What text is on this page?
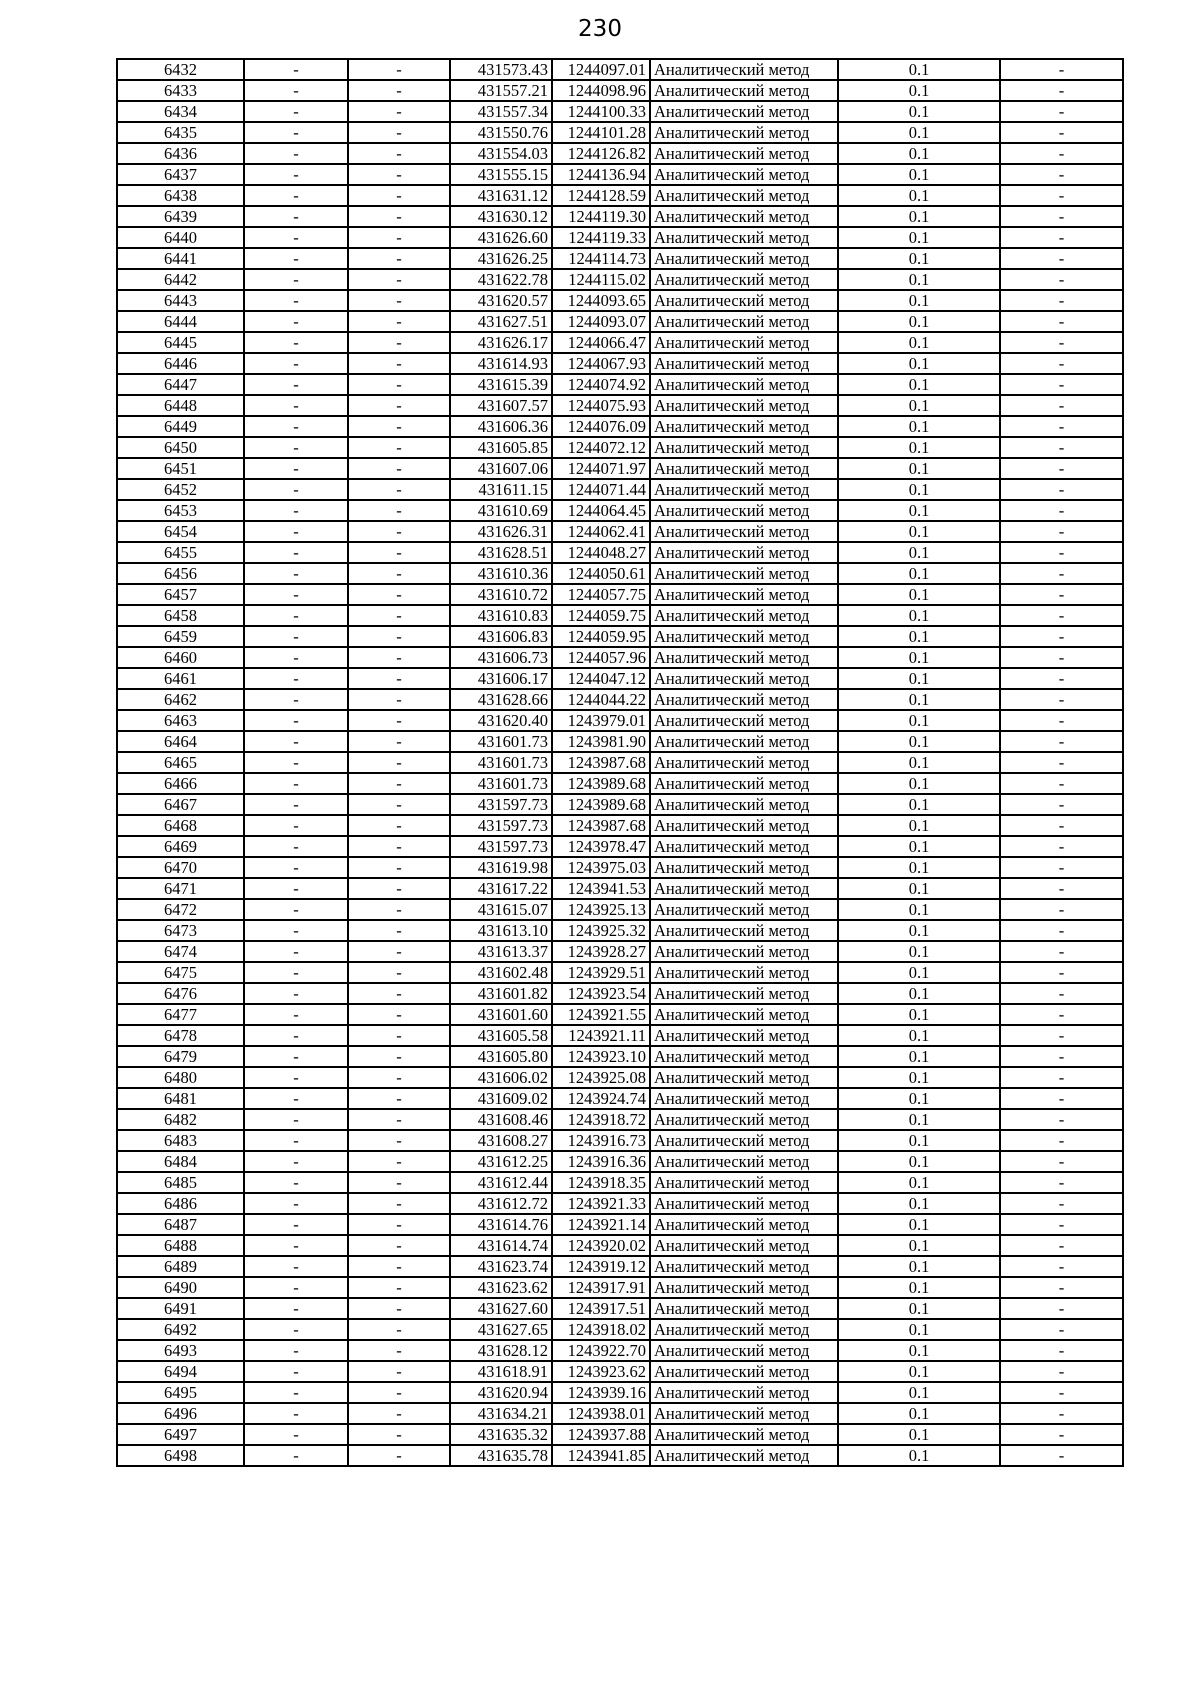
230
6432	-	-	431573.43	1244097.01	Аналитический метод	0.1	-
6433	-	-	431557.21	1244098.96	Аналитический метод	0.1	-
6434	-	-	431557.34	1244100.33	Аналитический метод	0.1	-
6435	-	-	431550.76	1244101.28	Аналитический метод	0.1	-
6436	-	-	431554.03	1244126.82	Аналитический метод	0.1	-
6437	-	-	431555.15	1244136.94	Аналитический метод	0.1	-
6438	-	-	431631.12	1244128.59	Аналитический метод	0.1	-
6439	-	-	431630.12	1244119.30	Аналитический метод	0.1	-
6440	-	-	431626.60	1244119.33	Аналитический метод	0.1	-
6441	-	-	431626.25	1244114.73	Аналитический метод	0.1	-
6442	-	-	431622.78	1244115.02	Аналитический метод	0.1	-
6443	-	-	431620.57	1244093.65	Аналитический метод	0.1	-
6444	-	-	431627.51	1244093.07	Аналитический метод	0.1	-
6445	-	-	431626.17	1244066.47	Аналитический метод	0.1	-
6446	-	-	431614.93	1244067.93	Аналитический метод	0.1	-
6447	-	-	431615.39	1244074.92	Аналитический метод	0.1	-
6448	-	-	431607.57	1244075.93	Аналитический метод	0.1	-
6449	-	-	431606.36	1244076.09	Аналитический метод	0.1	-
6450	-	-	431605.85	1244072.12	Аналитический метод	0.1	-
6451	-	-	431607.06	1244071.97	Аналитический метод	0.1	-
6452	-	-	431611.15	1244071.44	Аналитический метод	0.1	-
6453	-	-	431610.69	1244064.45	Аналитический метод	0.1	-
6454	-	-	431626.31	1244062.41	Аналитический метод	0.1	-
6455	-	-	431628.51	1244048.27	Аналитический метод	0.1	-
6456	-	-	431610.36	1244050.61	Аналитический метод	0.1	-
6457	-	-	431610.72	1244057.75	Аналитический метод	0.1	-
6458	-	-	431610.83	1244059.75	Аналитический метод	0.1	-
6459	-	-	431606.83	1244059.95	Аналитический метод	0.1	-
6460	-	-	431606.73	1244057.96	Аналитический метод	0.1	-
6461	-	-	431606.17	1244047.12	Аналитический метод	0.1	-
6462	-	-	431628.66	1244044.22	Аналитический метод	0.1	-
6463	-	-	431620.40	1243979.01	Аналитический метод	0.1	-
6464	-	-	431601.73	1243981.90	Аналитический метод	0.1	-
6465	-	-	431601.73	1243987.68	Аналитический метод	0.1	-
6466	-	-	431601.73	1243989.68	Аналитический метод	0.1	-
6467	-	-	431597.73	1243989.68	Аналитический метод	0.1	-
6468	-	-	431597.73	1243987.68	Аналитический метод	0.1	-
6469	-	-	431597.73	1243978.47	Аналитический метод	0.1	-
6470	-	-	431619.98	1243975.03	Аналитический метод	0.1	-
6471	-	-	431617.22	1243941.53	Аналитический метод	0.1	-
6472	-	-	431615.07	1243925.13	Аналитический метод	0.1	-
6473	-	-	431613.10	1243925.32	Аналитический метод	0.1	-
6474	-	-	431613.37	1243928.27	Аналитический метод	0.1	-
6475	-	-	431602.48	1243929.51	Аналитический метод	0.1	-
6476	-	-	431601.82	1243923.54	Аналитический метод	0.1	-
6477	-	-	431601.60	1243921.55	Аналитический метод	0.1	-
6478	-	-	431605.58	1243921.11	Аналитический метод	0.1	-
6479	-	-	431605.80	1243923.10	Аналитический метод	0.1	-
6480	-	-	431606.02	1243925.08	Аналитический метод	0.1	-
6481	-	-	431609.02	1243924.74	Аналитический метод	0.1	-
6482	-	-	431608.46	1243918.72	Аналитический метод	0.1	-
6483	-	-	431608.27	1243916.73	Аналитический метод	0.1	-
6484	-	-	431612.25	1243916.36	Аналитический метод	0.1	-
6485	-	-	431612.44	1243918.35	Аналитический метод	0.1	-
6486	-	-	431612.72	1243921.33	Аналитический метод	0.1	-
6487	-	-	431614.76	1243921.14	Аналитический метод	0.1	-
6488	-	-	431614.74	1243920.02	Аналитический метод	0.1	-
6489	-	-	431623.74	1243919.12	Аналитический метод	0.1	-
6490	-	-	431623.62	1243917.91	Аналитический метод	0.1	-
6491	-	-	431627.60	1243917.51	Аналитический метод	0.1	-
6492	-	-	431627.65	1243918.02	Аналитический метод	0.1	-
6493	-	-	431628.12	1243922.70	Аналитический метод	0.1	-
6494	-	-	431618.91	1243923.62	Аналитический метод	0.1	-
6495	-	-	431620.94	1243939.16	Аналитический метод	0.1	-
6496	-	-	431634.21	1243938.01	Аналитический метод	0.1	-
6497	-	-	431635.32	1243937.88	Аналитический метод	0.1	-
6498	-	-	431635.78	1243941.85	Аналитический метод	0.1	-
